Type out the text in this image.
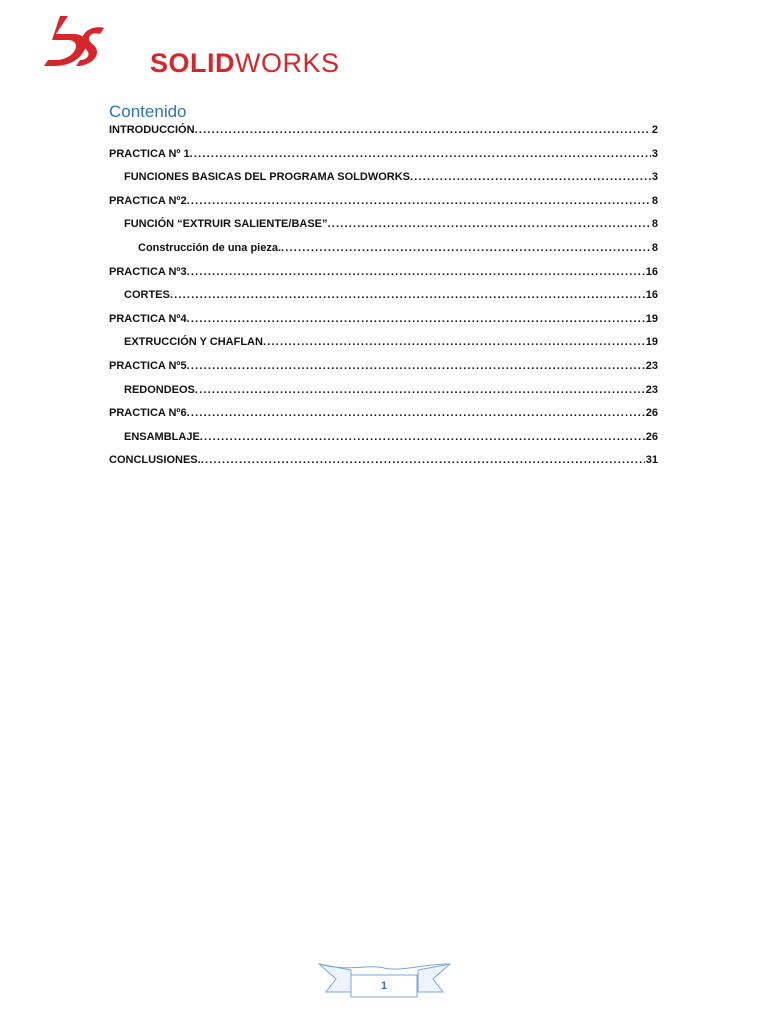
SOLIDWORKS
Contenido
INTRODUCCIÓN .....	2
PRACTICA Nº 1 .....	3
FUNCIONES BASICAS DEL PROGRAMA SOLDWORKS .....	3
PRACTICA Nº2 .....	8
FUNCIÓN “EXTRUIR SALIENTE/BASE” .....	8
Construcción de una pieza. .....	8
PRACTICA Nº3 .....	16
CORTES .....	16
PRACTICA Nº4 .....	19
EXTRUCCIÓN Y CHAFLAN .....	19
PRACTICA Nº5 .....	23
REDONDEOS .....	23
PRACTICA Nº6 .....	26
ENSAMBLAJE .....	26
CONCLUSIONES. .....	31
1
